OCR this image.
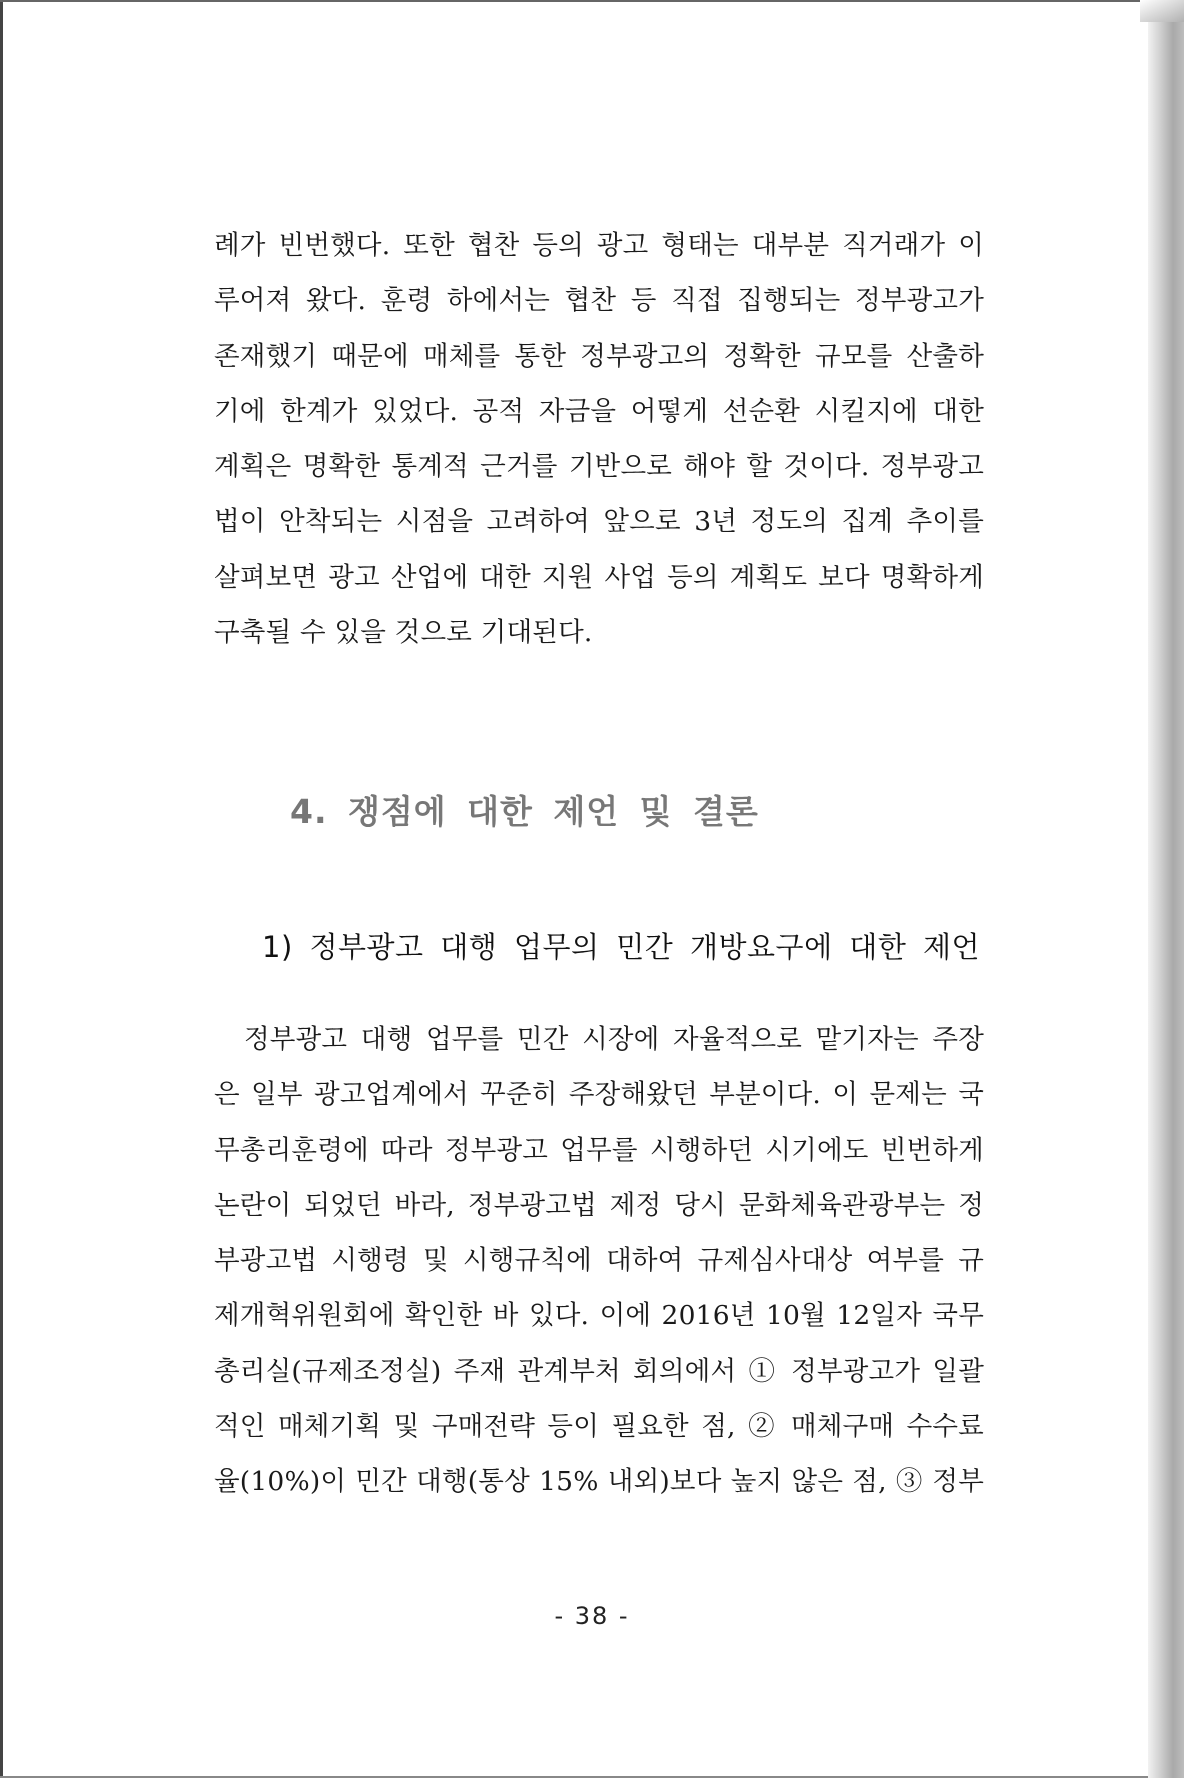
례가 빈번했다. 또한 협찬 등의 광고 형태는 대부분 직거래가 이
루어져 왔다. 훈령 하에서는 협찬 등 직접 집행되는 정부광고가
존재했기 때문에 매체를 통한 정부광고의 정확한 규모를 산출하
기에 한계가 있었다. 공적 자금을 어떻게 선순환 시킬지에 대한
계획은 명확한 통계적 근거를 기반으로 해야 할 것이다. 정부광고
법이 안착되는 시점을 고려하여 앞으로 3년 정도의 집계 추이를
살펴보면 광고 산업에 대한 지원 사업 등의 계획도 보다 명확하게
구축될 수 있을 것으로 기대된다.
4. 쟁점에 대한 제언 및 결론
1) 정부광고 대행 업무의 민간 개방요구에 대한 제언
정부광고 대행 업무를 민간 시장에 자율적으로 맡기자는 주장
은 일부 광고업계에서 꾸준히 주장해왔던 부분이다. 이 문제는 국
무총리훈령에 따라 정부광고 업무를 시행하던 시기에도 빈번하게
논란이 되었던 바라, 정부광고법 제정 당시 문화체육관광부는 정
부광고법 시행령 및 시행규칙에 대하여 규제심사대상 여부를 규
제개혁위원회에 확인한 바 있다. 이에 2016년 10월 12일자 국무
총리실(규제조정실) 주재 관계부처 회의에서 ① 정부광고가 일괄
적인 매체기획 및 구매전략 등이 필요한 점, ② 매체구매 수수료
율(10%)이 민간 대행(통상 15% 내외)보다 높지 않은 점, ③ 정부
- 38 -
